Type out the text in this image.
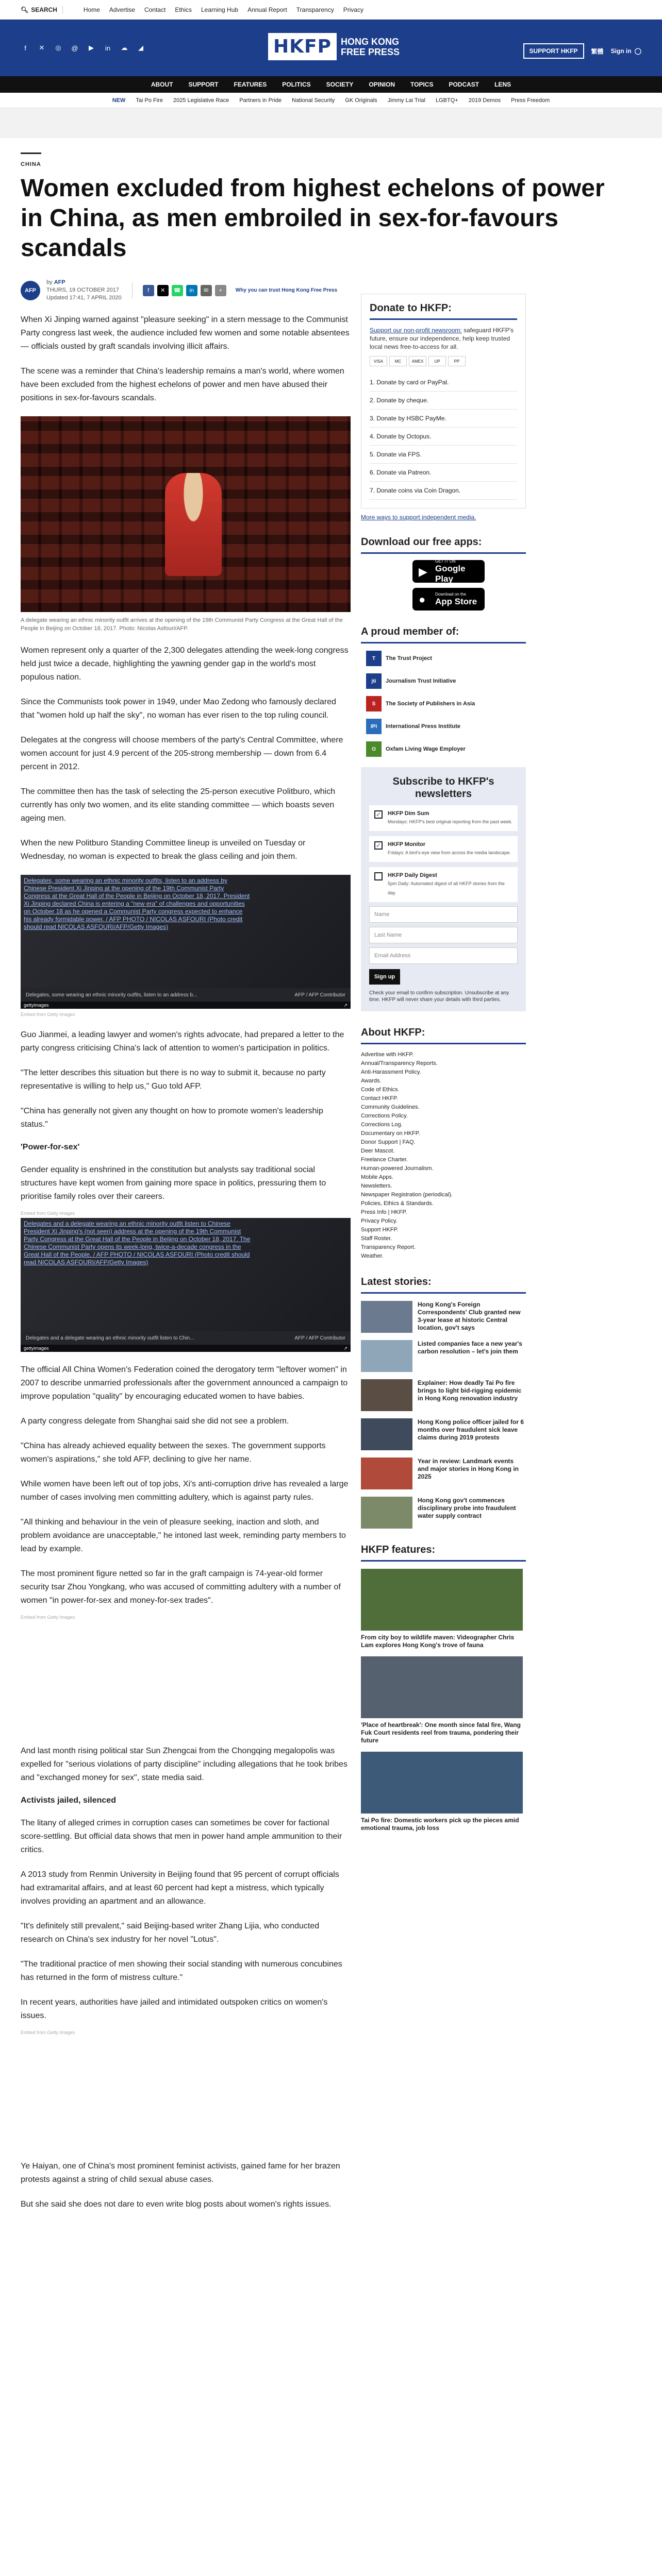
🔍︎ SEARCH	Home Advertise Contact Ethics Learning Hub Annual Report Transparency Privacy
f	✕ ◎ @	▶	in	☁	◢	HKFP	HONG KONG
FREE PRESS	SUPPORT HKFP	繁體 Sign in ◯
ABOUT	SUPPORT	FEATURES	POLITICS	SOCIETY	OPINION	TOPICS	PODCAST	LENS
NEW Tai Po Fire 2025 Legislative Race Partners in Pride National Security GK Originals Jimmy Lai Trial LGBTQ+ 2019 Demos Press Freedom
CHINA
Women excluded from highest echelons of power in China, as men embroiled in sex-for-favours scandals
AFP
by AFP
THURS, 19 OCTOBER 2017
Updated 17:41, 7 APRIL 2020
f	✕	☎	in	✉	+	Why you can trust Hong Kong Free Press

When Xi Jinping warned against "pleasure seeking" in a stern message to the Communist Party congress last week, the audience included few women and some notable absentees — officials ousted by graft scandals involving illicit affairs.

The scene was a reminder that China's leadership remains a man's world, where women have been excluded from the highest echelons of power and men have abused their positions in sex-for-favours scandals.

A delegate wearing an ethnic minority outfit arrives at the opening of the 19th Communist Party Congress at the Great Hall of the People in Beijing on October 18, 2017. Photo: Nicolas Asfouri/AFP.

Women represent only a quarter of the 2,300 delegates attending the week-long congress held just twice a decade, highlighting the yawning gender gap in the world's most populous nation.

Since the Communists took power in 1949, under Mao Zedong who famously declared that "women hold up half the sky", no woman has ever risen to the top ruling council.

Delegates at the congress will choose members of the party's Central Committee, where women account for just 4.9 percent of the 205-strong membership — down from 6.4 percent in 2012.

The committee then has the task of selecting the 25-person executive Politburo, which currently has only two women, and its elite standing committee — which boasts seven ageing men.

When the new Politburo Standing Committee lineup is unveiled on Tuesday or Wednesday, no woman is expected to break the glass ceiling and join them.

Delegates, some wearing an ethnic minority outfits, listen to an address by Chinese President Xi Jinping at the opening of the 19th Communist Party Congress at the Great Hall of the People in Beijing on October 18, 2017. President Xi Jinping declared China is entering a "new era" of challenges and opportunities on October 18 as he opened a Communist Party congress expected to enhance his already formidable power. / AFP PHOTO / NICOLAS ASFOURI (Photo credit should read NICOLAS ASFOURI/AFP/Getty Images)
Delegates, some wearing an ethnic minority outfits, listen to an address b...	AFP / AFP Contributor
gettyimages	↗
Embed from Getty Images

Guo Jianmei, a leading lawyer and women's rights advocate, had prepared a letter to the party congress criticising China's lack of attention to women's participation in politics.

"The letter describes this situation but there is no way to submit it, because no party representative is willing to help us," Guo told AFP.

"China has generally not given any thought on how to promote women's leadership status."

'Power-for-sex'

Gender equality is enshrined in the constitution but analysts say traditional social structures have kept women from gaining more space in politics, pressuring them to prioritise family roles over their careers.

Embed from Getty Images
Delegates and a delegate wearing an ethnic minority outfit listen to Chinese President Xi Jinping's (not seen) address at the opening of the 19th Communist Party Congress at the Great Hall of the People in Beijing on October 18, 2017. The Chinese Communist Party opens its week-long, twice-a-decade congress in the Great Hall of the People. / AFP PHOTO / NICOLAS ASFOURI (Photo credit should read NICOLAS ASFOURI/AFP/Getty Images)
Delegates and a delegate wearing an ethnic minority outfit listen to Chin...	AFP / AFP Contributor
gettyimages	↗

The official All China Women's Federation coined the derogatory term "leftover women" in 2007 to describe unmarried professionals after the government announced a campaign to improve population "quality" by encouraging educated women to have babies.

A party congress delegate from Shanghai said she did not see a problem.

"China has already achieved equality between the sexes. The government supports women's aspirations," she told AFP, declining to give her name.

While women have been left out of top jobs, Xi's anti-corruption drive has revealed a large number of cases involving men committing adultery, which is against party rules.

"All thinking and behaviour in the vein of pleasure seeking, inaction and sloth, and problem avoidance are unacceptable," he intoned last week, reminding party members to lead by example.

The most prominent figure netted so far in the graft campaign is 74-year-old former security tsar Zhou Yongkang, who was accused of committing adultery with a number of women "in power-for-sex and money-for-sex trades".

Embed from Getty Images

And last month rising political star Sun Zhengcai from the Chongqing megalopolis was expelled for "serious violations of party discipline" including allegations that he took bribes and "exchanged money for sex", state media said.

Activists jailed, silenced

The litany of alleged crimes in corruption cases can sometimes be cover for factional score-settling. But official data shows that men in power hand ample ammunition to their critics.

A 2013 study from Renmin University in Beijing found that 95 percent of corrupt officials had extramarital affairs, and at least 60 percent had kept a mistress, which typically involves providing an apartment and an allowance.

"It's definitely still prevalent," said Beijing-based writer Zhang Lijia, who conducted research on China's sex industry for her novel "Lotus".

"The traditional practice of men showing their social standing with numerous concubines has returned in the form of mistress culture."

In recent years, authorities have jailed and intimidated outspoken critics on women's issues.

Embed from Getty Images

Ye Haiyan, one of China's most prominent feminist activists, gained fame for her brazen protests against a string of child sexual abuse cases.

But she said she does not dare to even write blog posts about women's rights issues.

Donate to HKFP:
Support our non-profit newsroom: safeguard HKFP's future, ensure our independence, help keep trusted local news free-to-access for all.
VISA	MC	AMEX	UP	PP
1. Donate by card or PayPal.
2. Donate by cheque.
3. Donate by HSBC PayMe.
4. Donate by Octopus.
5. Donate via FPS.
6. Donate via Patreon.
7. Donate coins via Coin Dragon.
More ways to support independent media.
Download our free apps:
▶
GET IT ON
Google Play
● Download on the
App Store
A proud member of:
T	The Trust Project
jti	Journalism Trust Initiative
S	The Society of Publishers in Asia
IPI	International Press Institute
O	Oxfam Living Wage Employer
Subscribe to HKFP's newsletters
✓ HKFP Dim Sum
Mondays: HKFP's best original reporting from the past week.
✓ HKFP Monitor
Fridays: A bird's-eye view from across the media landscape.
HKFP Daily Digest
5pm Daily: Automated digest of all HKFP stories from the day.
Name
Last Name
Email Address
Sign up
Check your email to confirm subscription. Unsubscribe at any time. HKFP will never share your details with third parties.
About HKFP:
Advertise with HKFP.
Annual/Transparency Reports.
Anti-Harassment Policy.
Awards.
Code of Ethics.
Contact HKFP.
Community Guidelines.
Corrections Policy.
Corrections Log.
Documentary on HKFP.
Donor Support | FAQ.
Deer Mascot.
Freelance Charter.
Human-powered Journalism.
Mobile Apps.
Newsletters.
Newspaper Registration (periodical).
Policies, Ethics & Standards.
Press Info | HKFP.
Privacy Policy.
Support HKFP.
Staff Roster.
Transparency Report.
Weather.
Latest stories:
Hong Kong's Foreign Correspondents' Club granted new 3-year lease at historic Central location, gov't says
Listed companies face a new year's carbon resolution – let's join them
Explainer: How deadly Tai Po fire brings to light bid-rigging epidemic in Hong Kong renovation industry
Hong Kong police officer jailed for 6 months over fraudulent sick leave claims during 2019 protests
Year in review: Landmark events and major stories in Hong Kong in 2025
Hong Kong gov't commences disciplinary probe into fraudulent water supply contract
HKFP features:
From city boy to wildlife maven: Videographer Chris Lam explores Hong Kong's trove of fauna
'Place of heartbreak': One month since fatal fire, Wang Fuk Court residents reel from trauma, pondering their future
Tai Po fire: Domestic workers pick up the pieces amid emotional trauma, job loss
